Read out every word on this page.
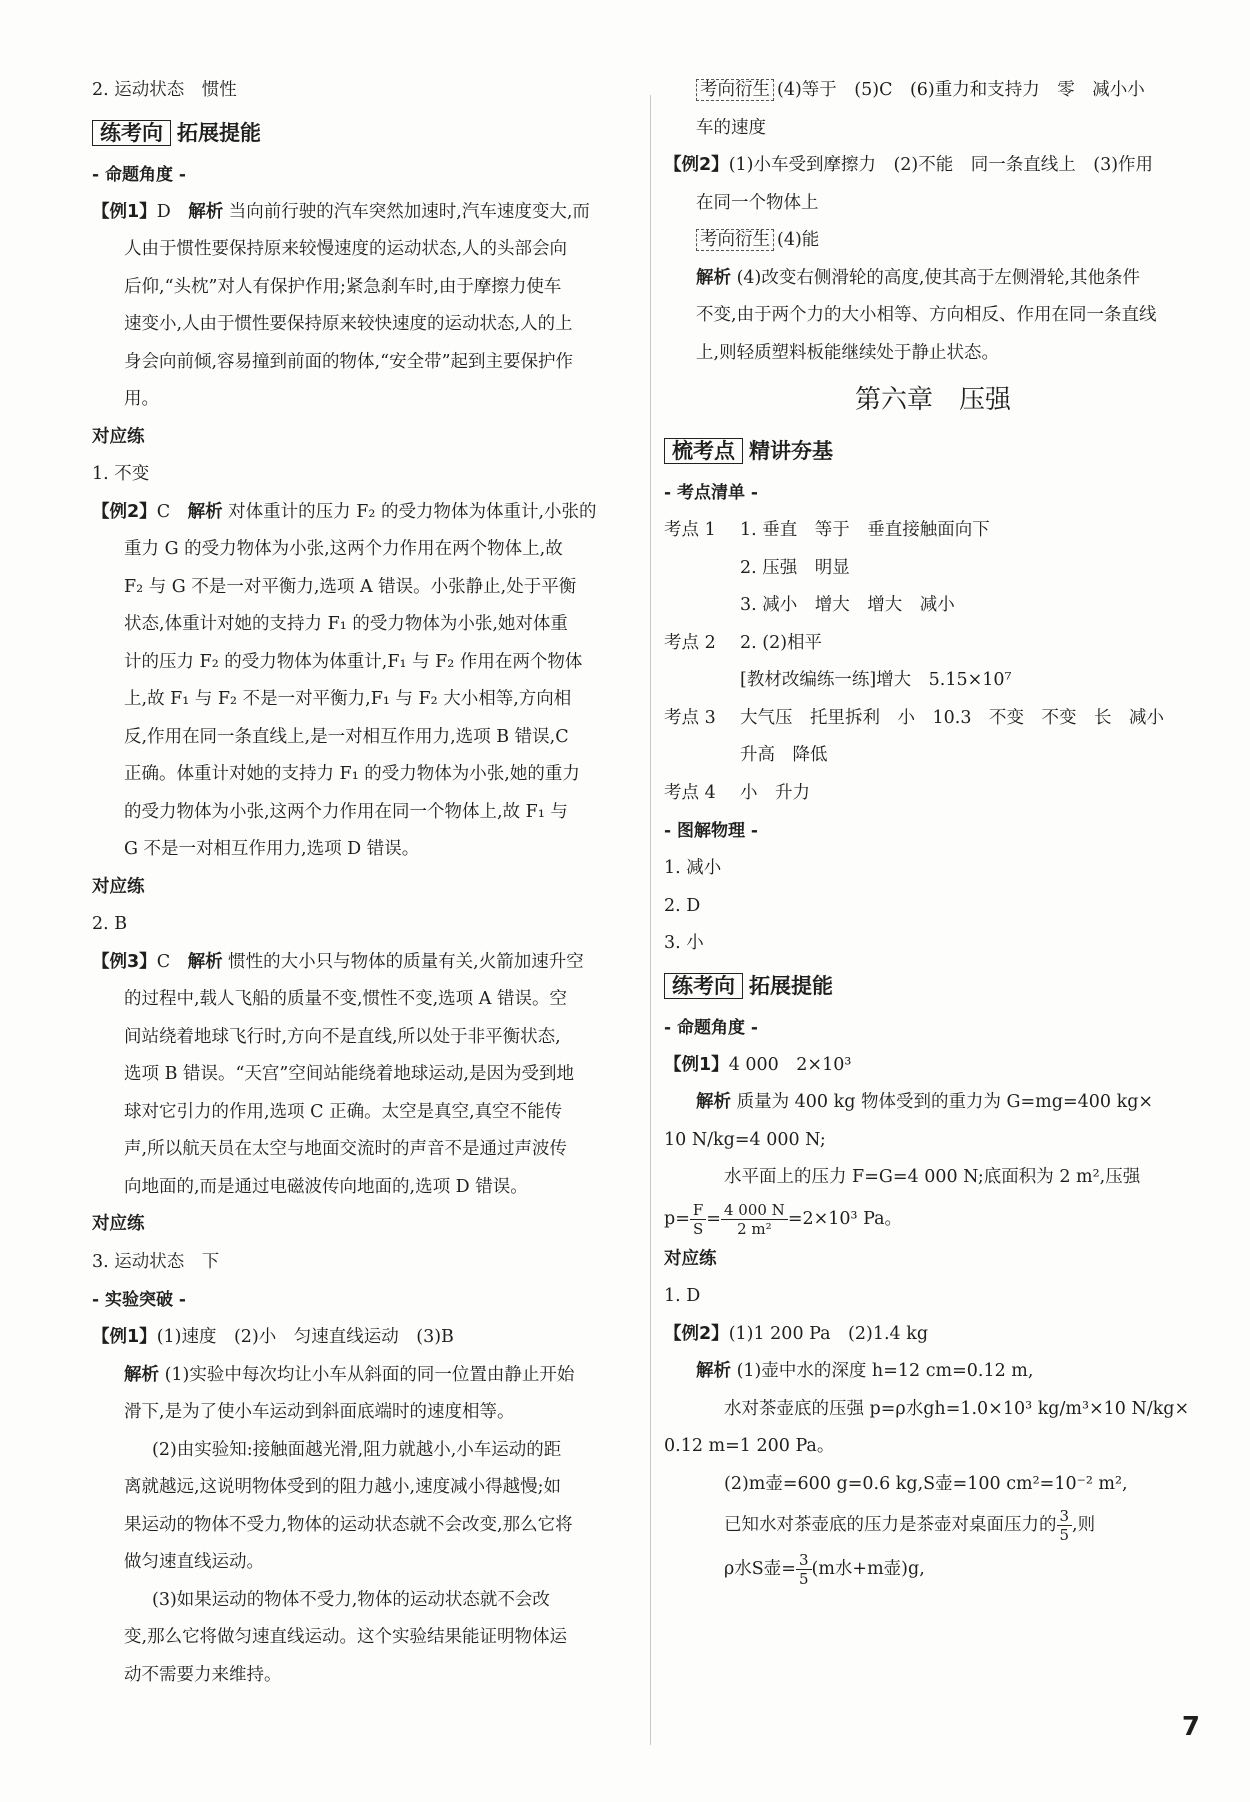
2. 运动状态　惯性
练考向 拓展提能
- 命题角度 -
【例1】D　 解析 当向前行驶的汽车突然加速时,汽车速度变大,而
人由于惯性要保持原来较慢速度的运动状态,人的头部会向
后仰,“头枕”对人有保护作用;紧急刹车时,由于摩擦力使车
速变小,人由于惯性要保持原来较快速度的运动状态,人的上
身会向前倾,容易撞到前面的物体,“安全带”起到主要保护作
用。
对应练
1. 不变
【例2】C　 解析 对体重计的压力 F₂ 的受力物体为体重计,小张的
重力 G 的受力物体为小张,这两个力作用在两个物体上,故
F₂ 与 G 不是一对平衡力,选项 A 错误。小张静止,处于平衡
状态,体重计对她的支持力 F₁ 的受力物体为小张,她对体重
计的压力 F₂ 的受力物体为体重计,F₁ 与 F₂ 作用在两个物体
上,故 F₁ 与 F₂ 不是一对平衡力,F₁ 与 F₂ 大小相等,方向相
反,作用在同一条直线上,是一对相互作用力,选项 B 错误,C
正确。体重计对她的支持力 F₁ 的受力物体为小张,她的重力
的受力物体为小张,这两个力作用在同一个物体上,故 F₁ 与
G 不是一对相互作用力,选项 D 错误。
对应练
2. B
【例3】C　 解析 惯性的大小只与物体的质量有关,火箭加速升空
的过程中,载人飞船的质量不变,惯性不变,选项 A 错误。空
间站绕着地球飞行时,方向不是直线,所以处于非平衡状态,
选项 B 错误。“天宫”空间站能绕着地球运动,是因为受到地
球对它引力的作用,选项 C 正确。太空是真空,真空不能传
声,所以航天员在太空与地面交流时的声音不是通过声波传
向地面的,而是通过电磁波传向地面的,选项 D 错误。
对应练
3. 运动状态　下
- 实验突破 -
【例1】(1)速度　(2)小　匀速直线运动　(3)B
解析 (1)实验中每次均让小车从斜面的同一位置由静止开始
滑下,是为了使小车运动到斜面底端时的速度相等。
(2)由实验知:接触面越光滑,阻力就越小,小车运动的距
离就越远,这说明物体受到的阻力越小,速度减小得越慢;如
果运动的物体不受力,物体的运动状态就不会改变,那么它将
做匀速直线运动。
(3)如果运动的物体不受力,物体的运动状态就不会改
变,那么它将做匀速直线运动。这个实验结果能证明物体运
动不需要力来维持。
考向衍生 (4)等于　(5)C　(6)重力和支持力　零　减小小
车的速度
【例2】(1)小车受到摩擦力　(2)不能　同一条直线上　(3)作用
在同一个物体上
考向衍生 (4)能
解析 (4)改变右侧滑轮的高度,使其高于左侧滑轮,其他条件
不变,由于两个力的大小相等、方向相反、作用在同一条直线
上,则轻质塑料板能继续处于静止状态。
第六章　压强
梳考点 精讲夯基
- 考点清单 -
考点 1 1. 垂直　等于　垂直接触面向下
2. 压强　明显
3. 减小　增大　增大　减小
考点 2 2. (2)相平
[教材改编练一练]增大　5.15×10⁷
考点 3 大气压　托里拆利　小　10.3　不变　不变　长　减小
升高　降低
考点 4 小　升力
- 图解物理 -
1. 减小
2. D
3. 小
练考向 拓展提能
- 命题角度 -
【例1】4 000　2×10³
解析 质量为 400 kg 物体受到的重力为 G=mg=400 kg×
10 N/kg=4 000 N;
水平面上的压力 F=G=4 000 N;底面积为 2 m²,压强
$p= \frac{F}{S} = \frac{4 000 N}{\text{2 m²}} =2\times 10^3$ Pa。
对应练
1. D
【例2】(1)1 200 Pa　(2)1.4 kg
解析 (1)壶中水的深度 h=12 cm=0.12 m,
水对茶壶底的压强 p=ρ水gh=1.0×10³ kg/m³×10 N/kg×
0.12 m=1 200 Pa。
(2)m壶=600 g=0.6 kg,S壶=100 cm²=10⁻² m²,
已知水对茶壶底的压力是茶壶对桌面压力的 $\frac{3}{5}$ ,则
ρ水S壶= $\frac{3}{5} (m$水+m壶)g,
7
